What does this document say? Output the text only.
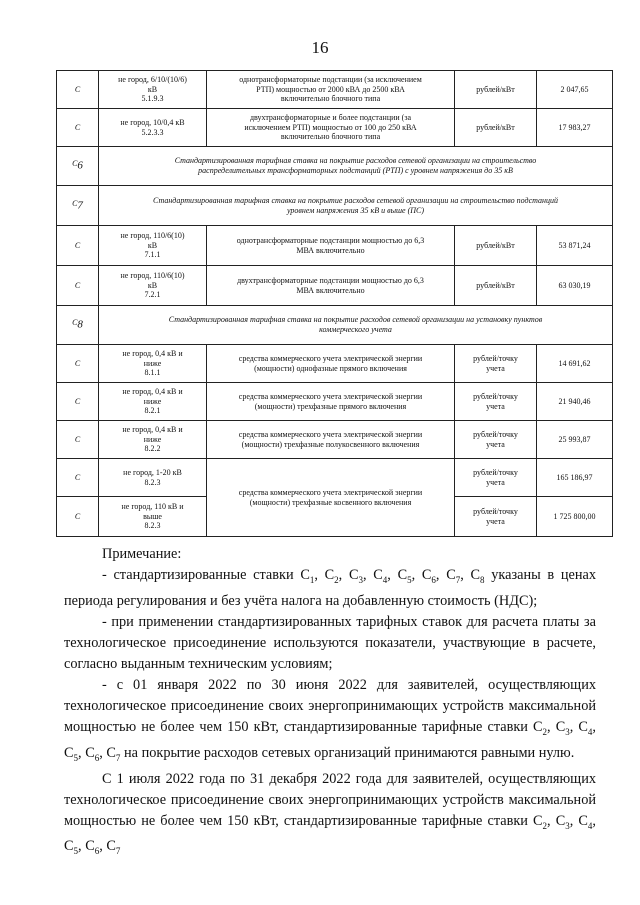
16
C	не город, 6/10/(10/6)
кВ
5.1.9.3	однотрансформаторные подстанции (за исключением
РТП) мощностью от 2000 кВА до 2500 кВА
включительно блочного типа	рублей/кВт	2 047,65
C	не город, 10/0,4 кВ
5.2.3.3	двухтрансформаторные и более подстанции (за
исключением РТП) мощностью от 100 до 250 кВА
включительно блочного типа	рублей/кВт	17 983,27
$C_6$	Стандартизированная тарифная ставка на покрытие расходов сетевой организации на строительство
распределительных трансформаторных подстанций (РТП) с уровнем напряжения до 35 кВ			
$C_7$	Стандартизированная тарифная ставка на покрытие расходов сетевой организации на строительство подстанций
уровнем напряжения 35 кВ и выше (ПС)			
C	не город, 110/6(10)
кВ
7.1.1	однотрансформаторные подстанции мощностью до 6,3
МВА включительно	рублей/кВт	53 871,24
C	не город, 110/6(10)
кВ
7.2.1	двухтрансформаторные подстанции мощностью до 6,3
МВА включительно	рублей/кВт	63 030,19
$C_8$	Стандартизированная тарифная ставка на покрытие расходов сетевой организации на установку пунктов
коммерческого учета			
C	не город, 0,4 кВ и
ниже
8.1.1	средства коммерческого учета электрической энергии
(мощности) однофазные прямого включения	рублей/точку
учета	14 691,62
C	не город, 0,4 кВ и
ниже
8.2.1	средства коммерческого учета электрической энергии
(мощности) трехфазные прямого включения	рублей/точку
учета	21 940,46
C	не город, 0,4 кВ и
ниже
8.2.2	средства коммерческого учета электрической энергии
(мощности) трехфазные полукосвенного включения	рублей/точку
учета	25 993,87
C	не город, 1-20 кВ
8.2.3	средства коммерческого учета электрической энергии
(мощности) трехфазные косвенного включения	рублей/точку
учета	165 186,97
C	не город, 110 кВ и
выше
8.2.3		рублей/точку
учета	1 725 800,00

Примечание:

- стандартизированные ставки $С_1$, $С_2$, $С_3$, $С_4$, $С_5$, $С_6$, $С_7$, $С_8$ указаны в ценах периода регулирования и без учёта налога на добавленную стоимость (НДС);

- при применении стандартизированных тарифных ставок для расчета платы за технологическое присоединение используются показатели, участвующие в расчете, согласно выданным техническим условиям;

- с 01 января 2022 по 30 июня 2022 для заявителей, осуществляющих технологическое присоединение своих энергопринимающих устройств максимальной мощностью не более чем 150 кВт, стандартизированные тарифные ставки $С_2$, $С_3$, $С_4$, $С_5$, $С_6$, $С_7$ на покрытие расходов сетевых организаций принимаются равными нулю.

С 1 июля 2022 года по 31 декабря 2022 года для заявителей, осуществляющих технологическое присоединение своих энергопринимающих устройств максимальной мощностью не более чем 150 кВт, стандартизированные тарифные ставки $С_2$, $С_3$, $С_4$, $С_5$, $С_6$, $С_7$
